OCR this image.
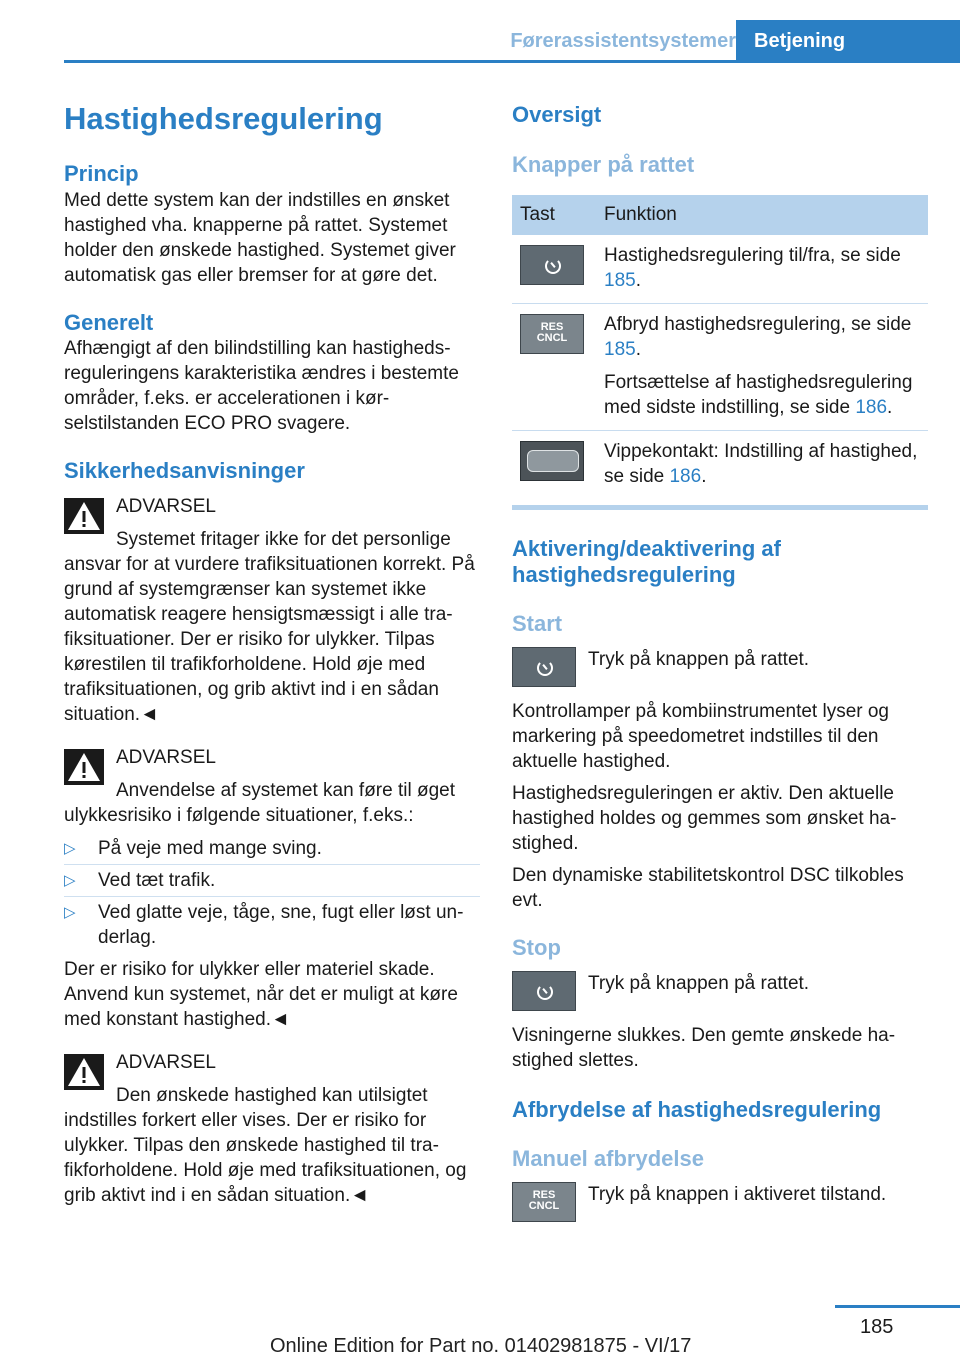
Førerassistentsystemer Betjening
Hastighedsregulering
Princip

Med dette system kan der indstilles en ønsket hastighed vha. knapperne på rattet. Systemet holder den ønskede hastighed. Systemet giver automatisk gas eller bremser for at gøre det.

Generelt

Afhængigt af den bilindstilling kan hastighedsreguleringens karakteristika ændres i bestemte områder, f.eks. er accelerationen i kørselstilstanden ECO PRO svagere.

Sikkerhedsanvisninger
ADVARSEL
Systemet fritager ikke for det personlige ansvar for at vurdere trafiksituationen korrekt. På grund af systemgrænser kan systemet ikke automatisk reagere hensigtsmæssigt i alle trafiksituationer. Der er risiko for ulykker. Tilpas kørestilen til trafikforholdene. Hold øje med trafiksituationen, og grib aktivt ind i en sådan situation.◄
ADVARSEL
Anvendelse af systemet kan føre til øget ulykkesrisiko i følgende situationer, f.eks.:
▷ På veje med mange sving.
▷ Ved tæt trafik.
▷ Ved glatte veje, tåge, sne, fugt eller løst underlag.

Der er risiko for ulykker eller materiel skade. Anvend kun systemet, når det er muligt at køre med konstant hastighed.◄

ADVARSEL
Den ønskede hastighed kan utilsigtet indstilles forkert eller vises. Der er risiko for ulykker. Tilpas den ønskede hastighed til trafikforholdene. Hold øje med trafiksituationen, og grib aktivt ind i en sådan situation.◄
Oversigt
Knapper på rattet
Tast	Funktion

	Hastighedsregulering til/fra, se side 185.

RES
CNCL	Afbryd hastighedsregulering, se side 185.
Fortsættelse af hastighedsregulering med sidste indstilling, se side 186.

	Vippekontakt: Indstilling af hastighed, se side 186.
Aktivering/deaktivering af hastighedsregulering
Start

Tryk på knappen på rattet.

Kontrollamper på kombiinstrumentet lyser og markering på speedometret indstilles til den aktuelle hastighed.

Hastighedsreguleringen er aktiv. Den aktuelle hastighed holdes og gemmes som ønsket hastighed.

Den dynamiske stabilitetskontrol DSC tilkobles evt.

Stop

Tryk på knappen på rattet.

Visningerne slukkes. Den gemte ønskede hastighed slettes.

Afbrydelse af hastighedsregulering
Manuel afbrydelse
RES
CNCL

Tryk på knappen i aktiveret tilstand.

185
Online Edition for Part no. 01402981875 - VI/17
